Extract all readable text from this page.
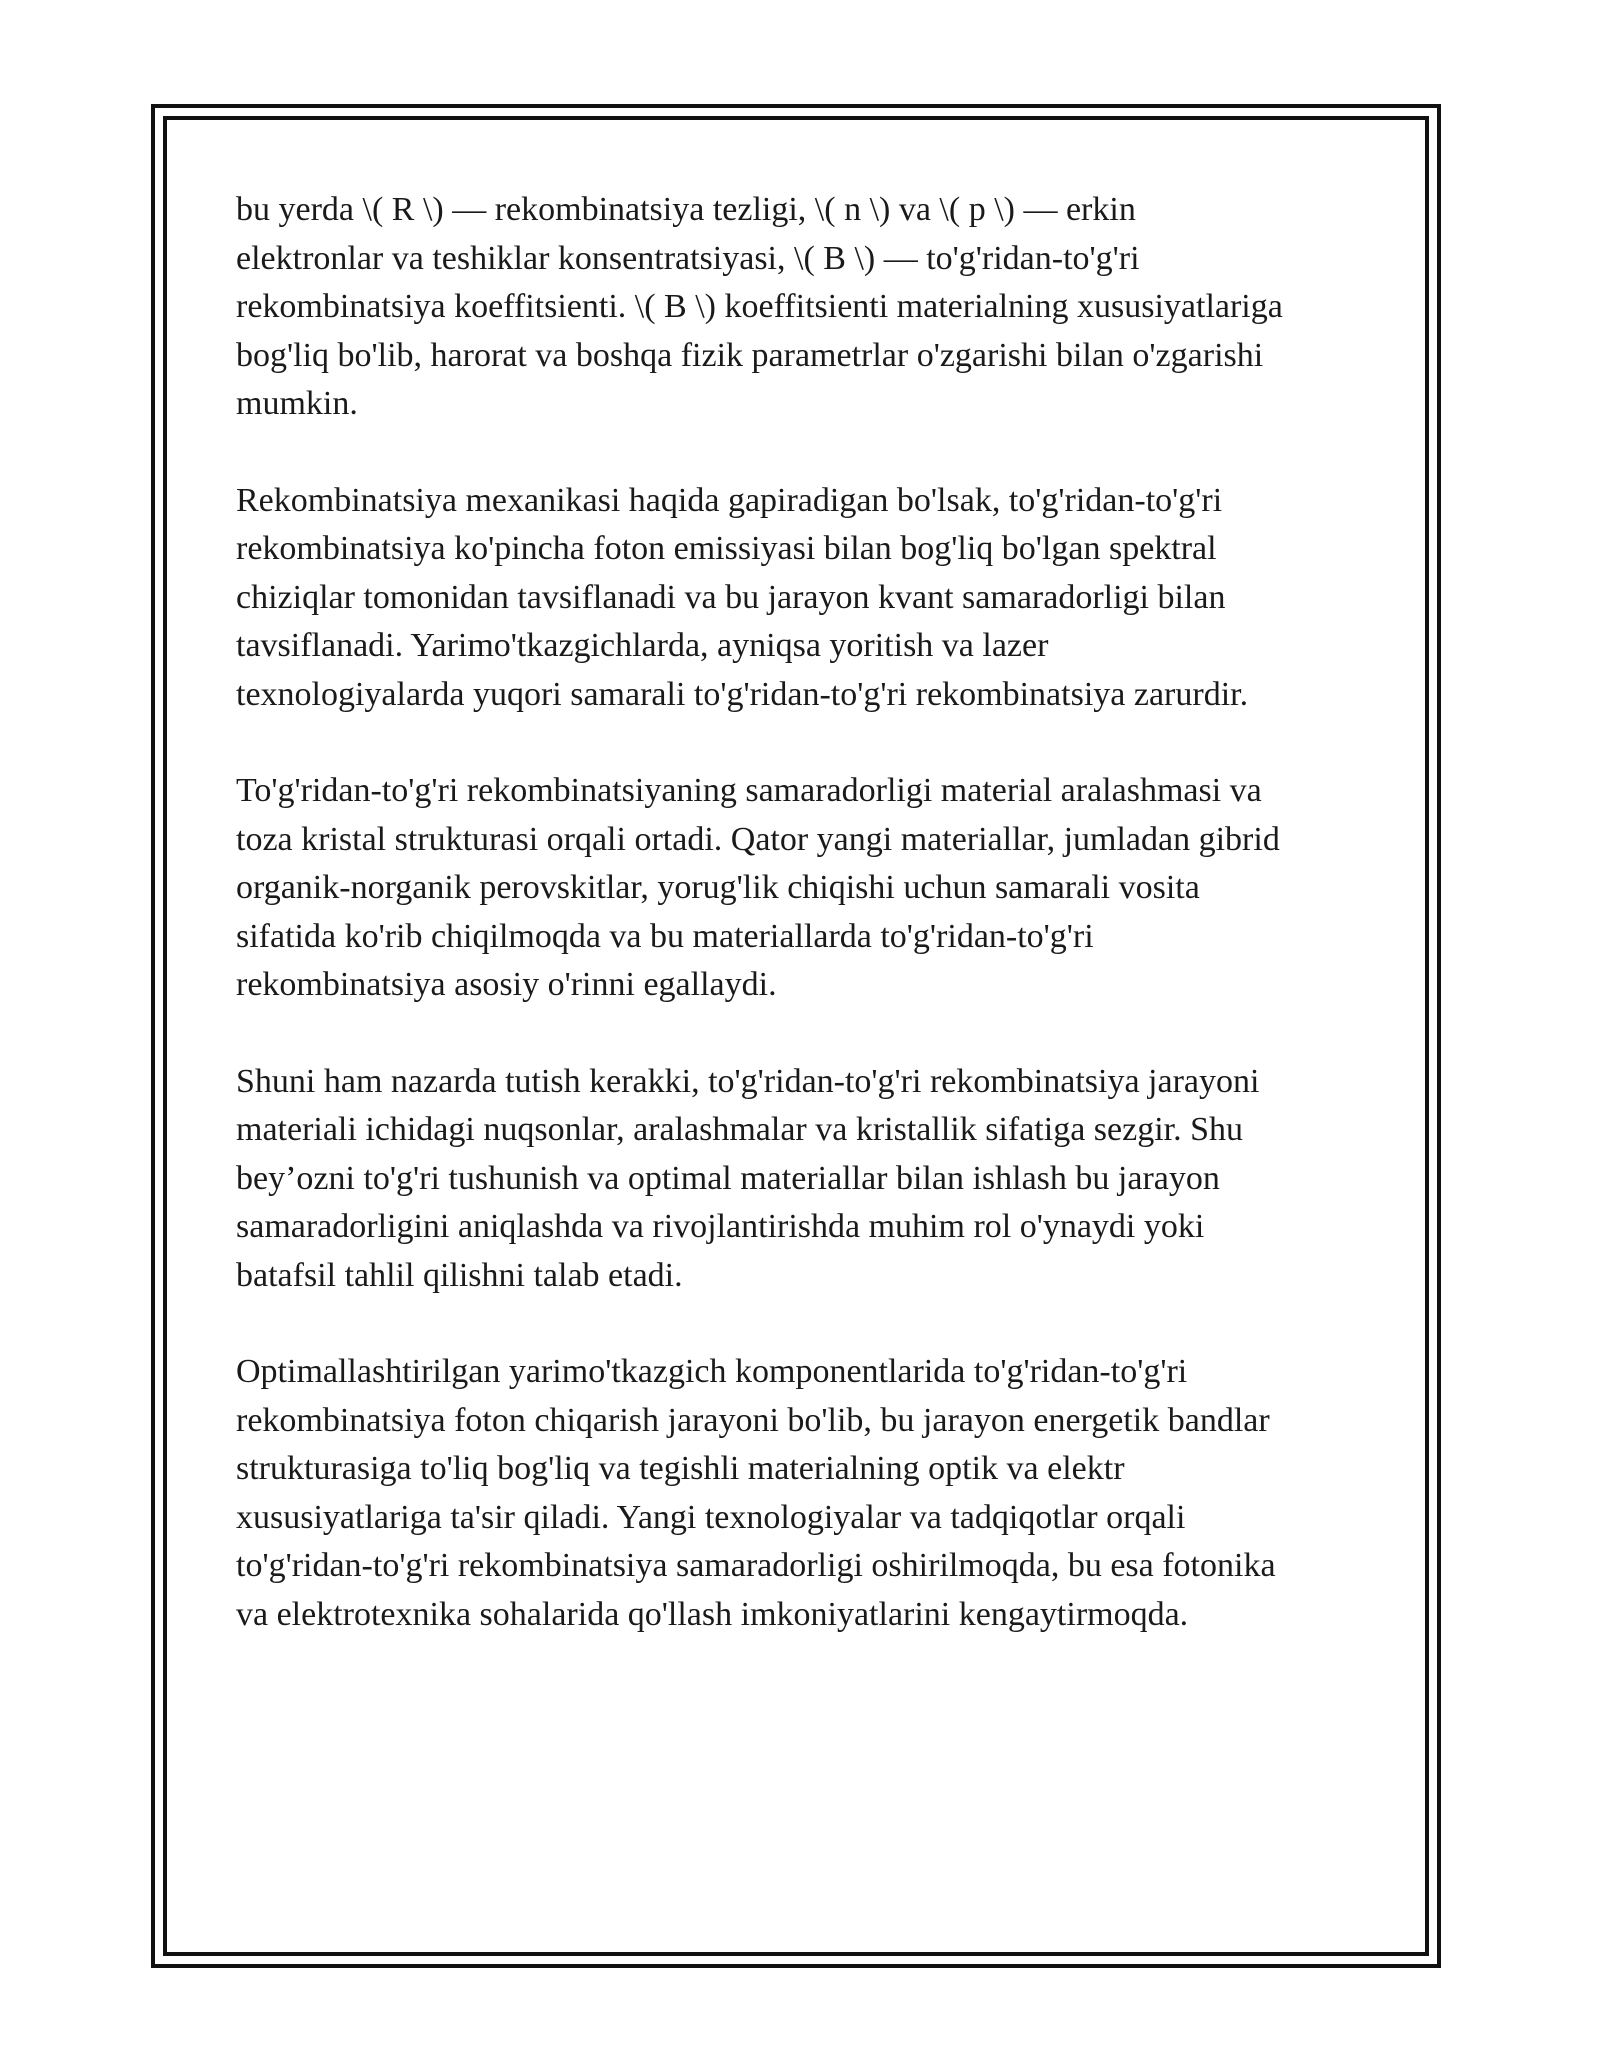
bu yerda \( R \) — rekombinatsiya tezligi, \( n \) va \( p \) — erkin
elektronlar va teshiklar konsentratsiyasi, \( B \) — to'g'ridan-to'g'ri
rekombinatsiya koeffitsienti. \( B \) koeffitsienti materialning xususiyatlariga
bog'liq bo'lib, harorat va boshqa fizik parametrlar o'zgarishi bilan o'zgarishi
mumkin.

Rekombinatsiya mexanikasi haqida gapiradigan bo'lsak, to'g'ridan-to'g'ri
rekombinatsiya ko'pincha foton emissiyasi bilan bog'liq bo'lgan spektral
chiziqlar tomonidan tavsiflanadi va bu jarayon kvant samaradorligi bilan
tavsiflanadi. Yarimo'tkazgichlarda, ayniqsa yoritish va lazer
texnologiyalarda yuqori samarali to'g'ridan-to'g'ri rekombinatsiya zarurdir.

To'g'ridan-to'g'ri rekombinatsiyaning samaradorligi material aralashmasi va
toza kristal strukturasi orqali ortadi. Qator yangi materiallar, jumladan gibrid
organik-norganik perovskitlar, yorug'lik chiqishi uchun samarali vosita
sifatida ko'rib chiqilmoqda va bu materiallarda to'g'ridan-to'g'ri
rekombinatsiya asosiy o'rinni egallaydi.

Shuni ham nazarda tutish kerakki, to'g'ridan-to'g'ri rekombinatsiya jarayoni
materiali ichidagi nuqsonlar, aralashmalar va kristallik sifatiga sezgir. Shu
bey’ozni to'g'ri tushunish va optimal materiallar bilan ishlash bu jarayon
samaradorligini aniqlashda va rivojlantirishda muhim rol o'ynaydi yoki
batafsil tahlil qilishni talab etadi.

Optimallashtirilgan yarimo'tkazgich komponentlarida to'g'ridan-to'g'ri
rekombinatsiya foton chiqarish jarayoni bo'lib, bu jarayon energetik bandlar
strukturasiga to'liq bog'liq va tegishli materialning optik va elektr
xususiyatlariga ta'sir qiladi. Yangi texnologiyalar va tadqiqotlar orqali
to'g'ridan-to'g'ri rekombinatsiya samaradorligi oshirilmoqda, bu esa fotonika
va elektrotexnika sohalarida qo'llash imkoniyatlarini kengaytirmoqda.
